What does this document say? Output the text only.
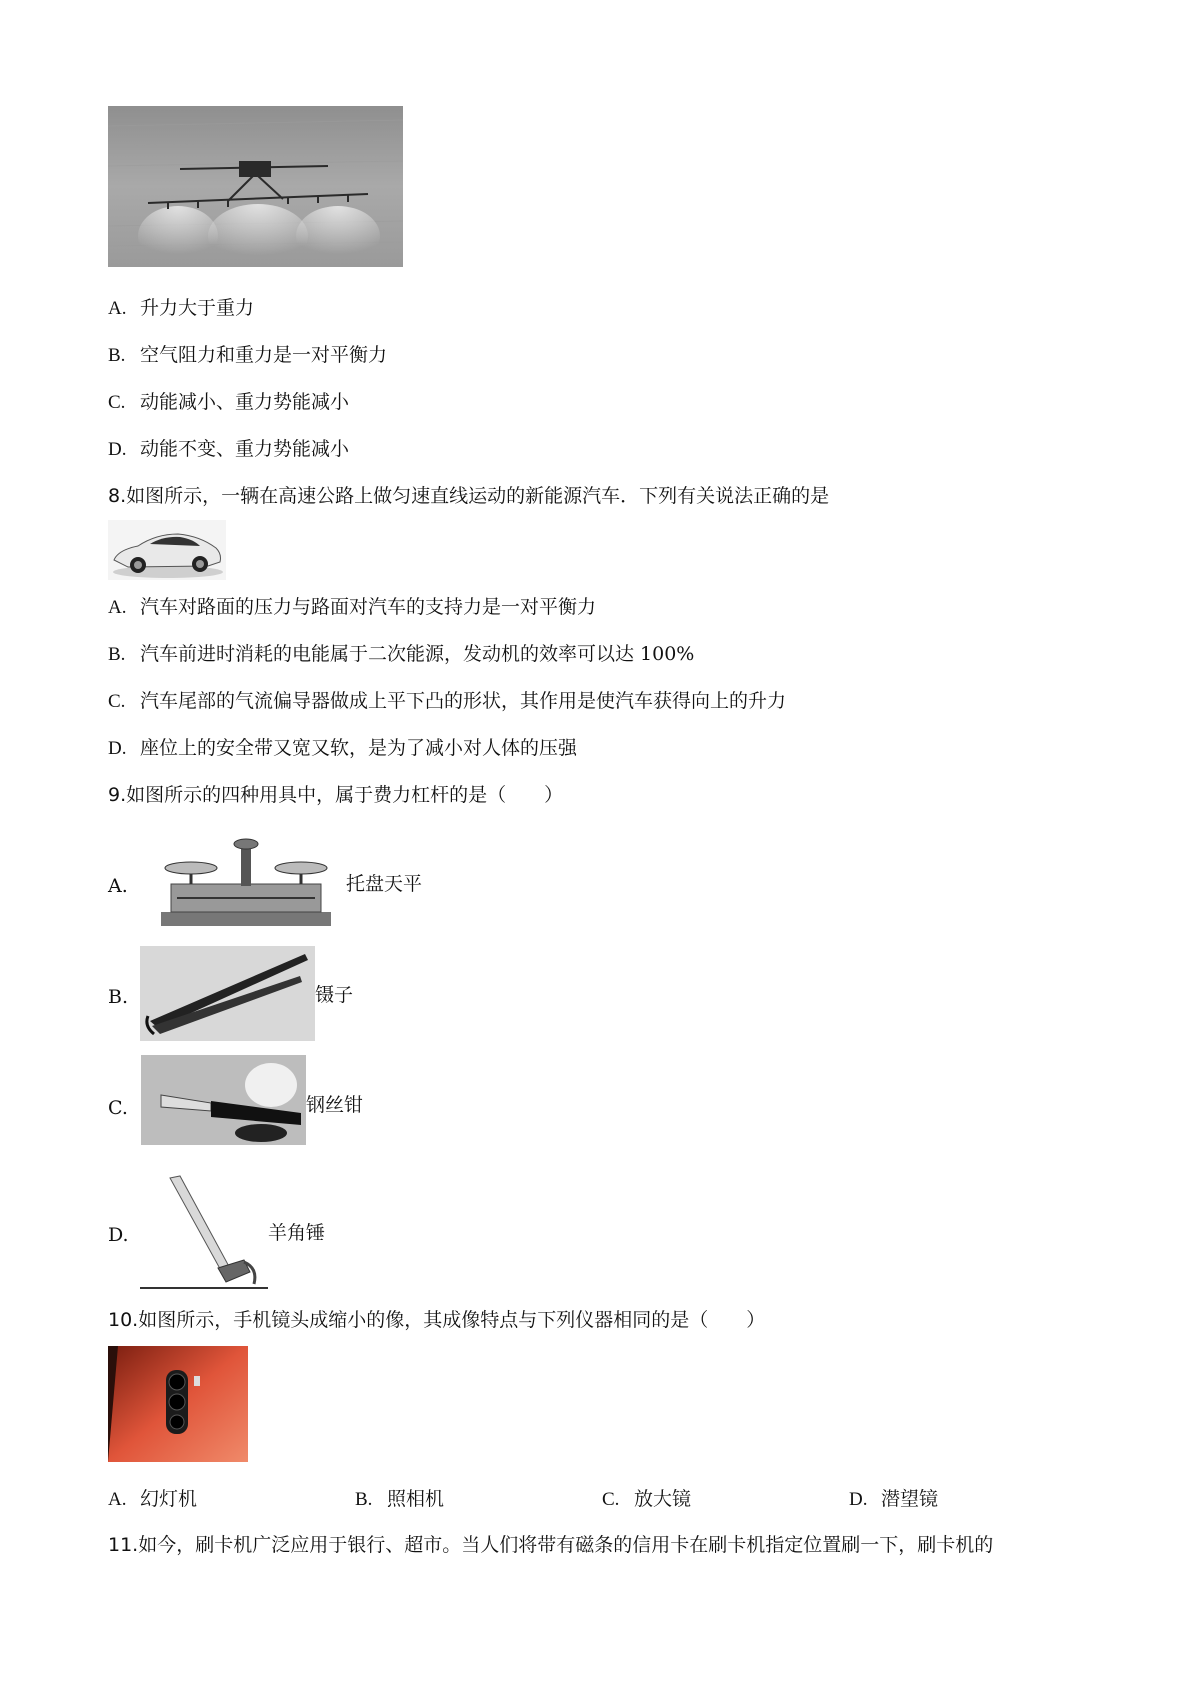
A. 升力大于重力
B. 空气阻力和重力是一对平衡力
C. 动能减小、重力势能减小
D. 动能不变、重力势能减小
8.如图所示，一辆在高速公路上做匀速直线运动的新能源汽车．下列有关说法正确的是
A. 汽车对路面的压力与路面对汽车的支持力是一对平衡力
B. 汽车前进时消耗的电能属于二次能源，发动机的效率可以达 100%
C. 汽车尾部的气流偏导器做成上平下凸的形状，其作用是使汽车获得向上的升力
D. 座位上的安全带又宽又软，是为了减小对人体的压强
9.如图所示的四种用具中，属于费力杠杆的是（　　）
A.	托盘天平
B.	镊子
C.	钢丝钳
D.	羊角锤
10.如图所示，手机镜头成缩小的像，其成像特点与下列仪器相同的是（　　）
A. 幻灯机	B. 照相机	C. 放大镜	D. 潜望镜
11.如今，刷卡机广泛应用于银行、超市。当人们将带有磁条的信用卡在刷卡机指定位置刷一下，刷卡机的
